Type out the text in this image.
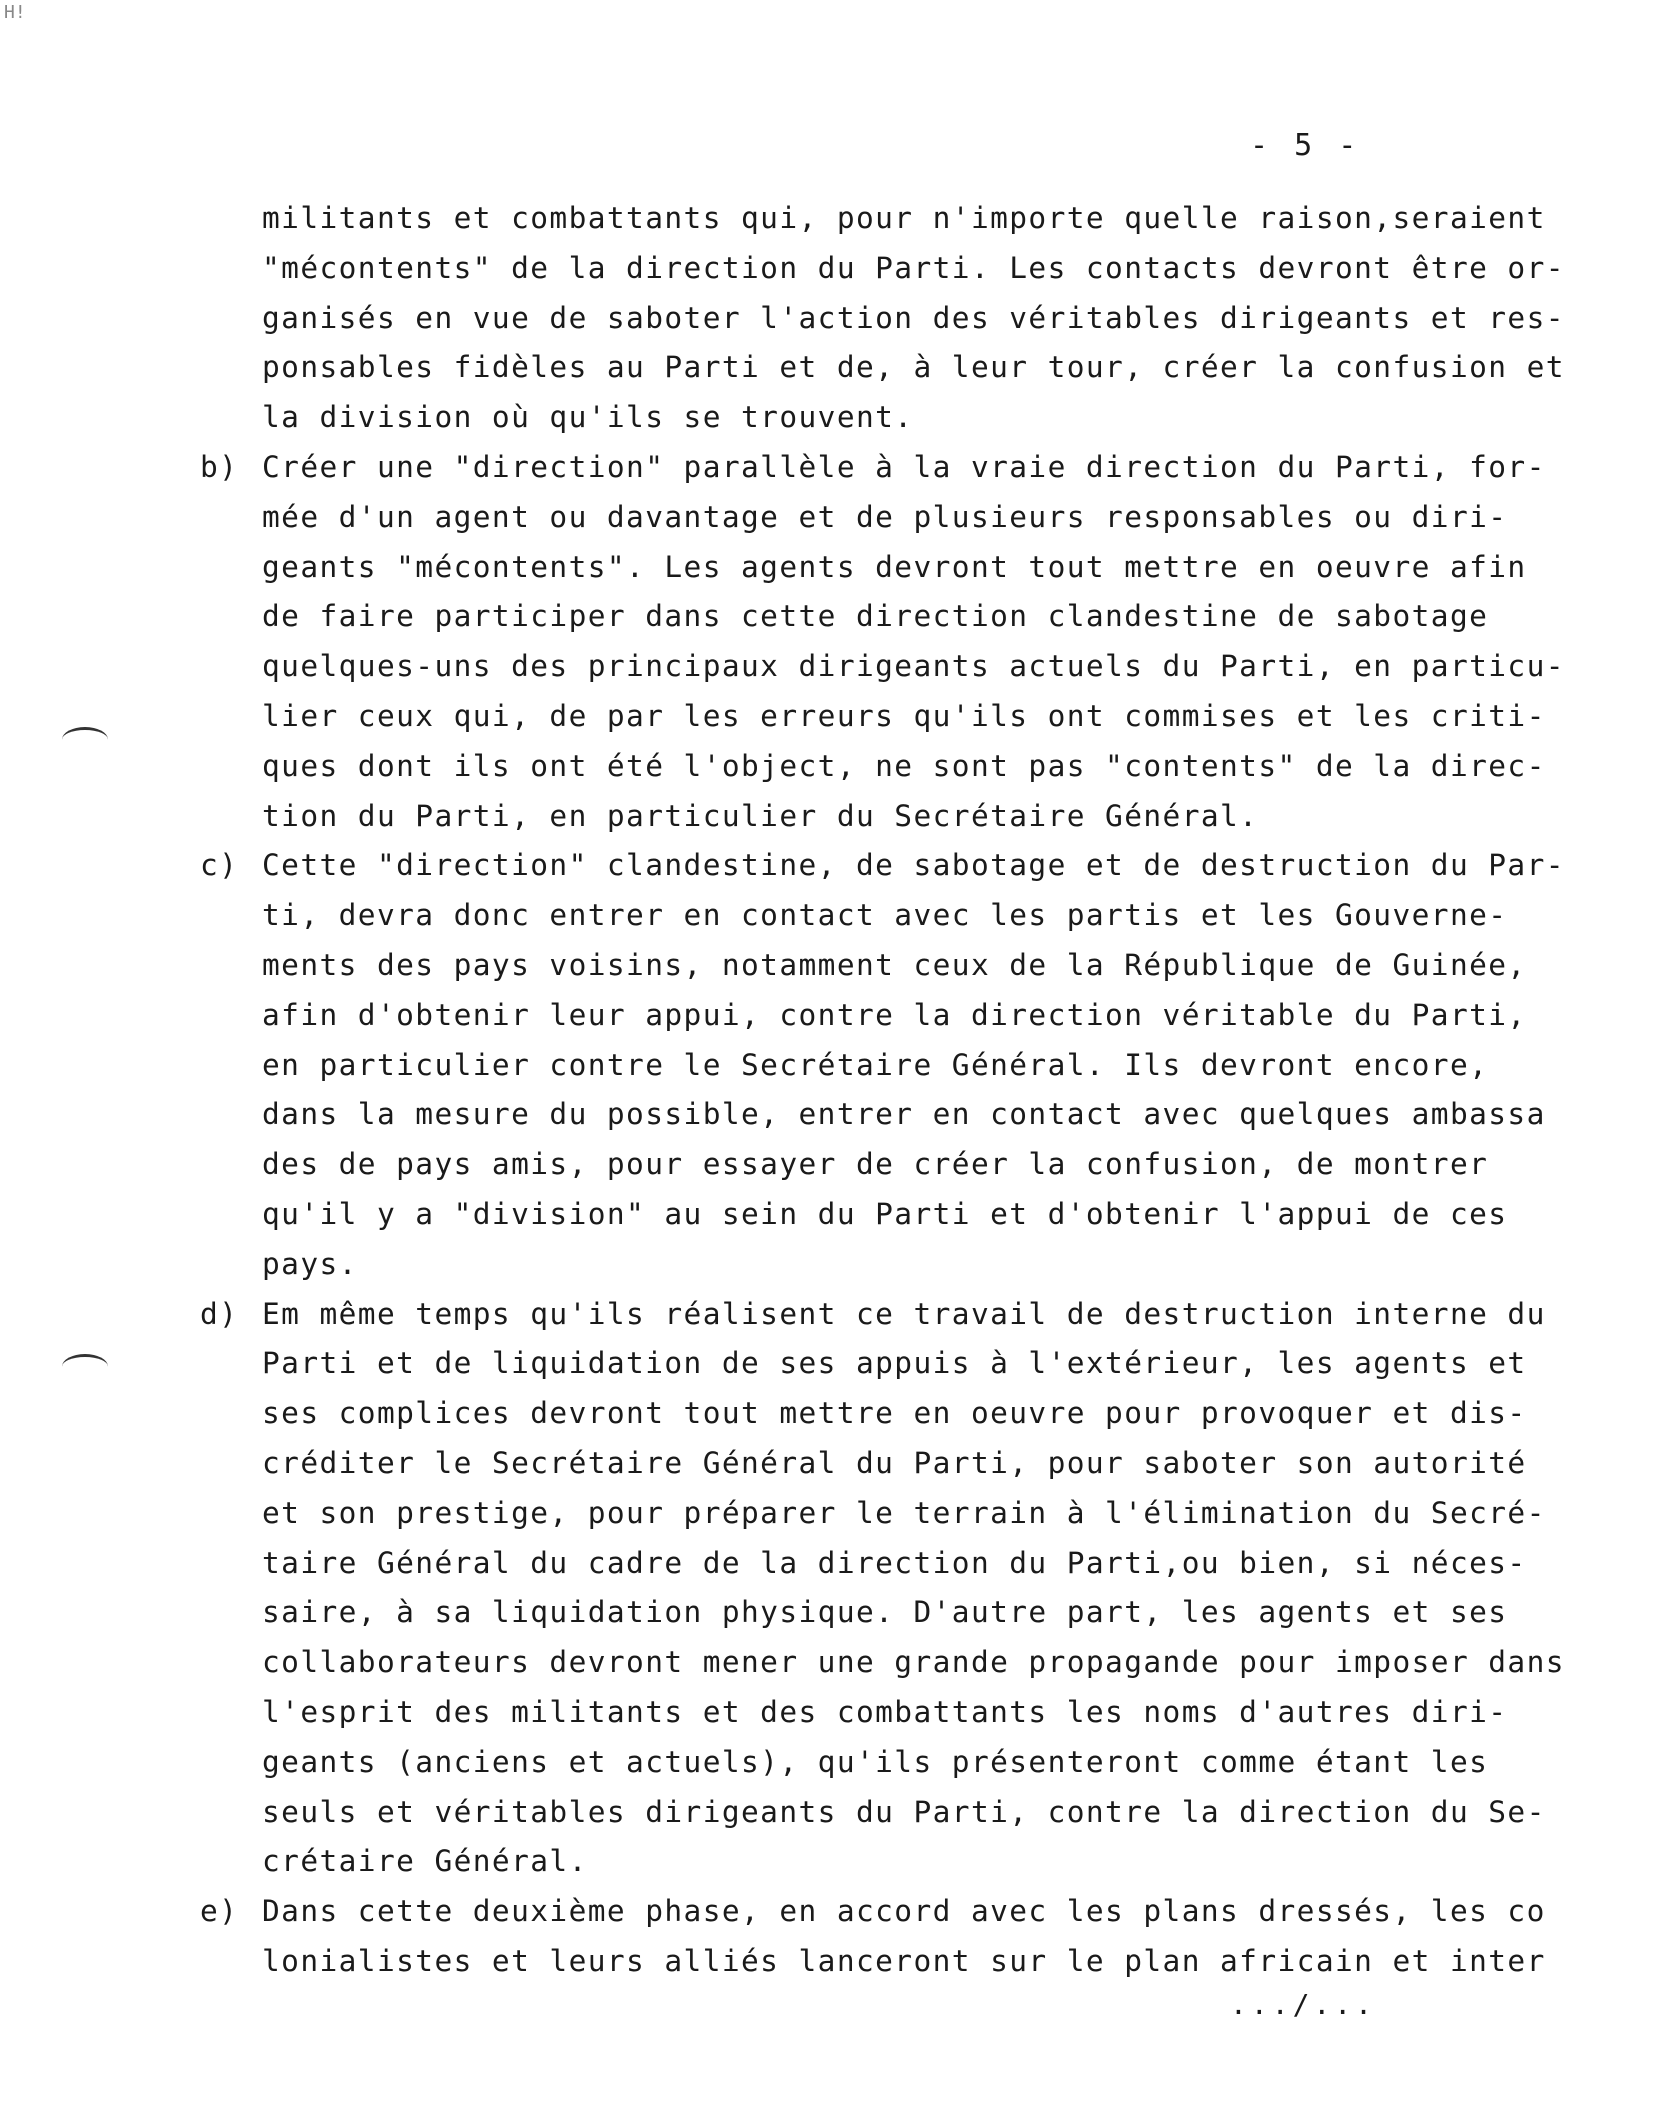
H!
- 5 -
militants et combattants qui, pour n'importe quelle raison,seraient
"mécontents" de la direction du Parti. Les contacts devront être or-
ganisés en vue de saboter l'action des véritables dirigeants et res-
ponsables fidèles au Parti et de, à leur tour, créer la confusion et
la division où qu'ils se trouvent.
b) Créer une "direction" parallèle à la vraie direction du Parti, for-
mée d'un agent ou davantage et de plusieurs responsables ou diri-
geants "mécontents". Les agents devront tout mettre en oeuvre afin
de faire participer dans cette direction clandestine de sabotage
quelques-uns des principaux dirigeants actuels du Parti, en particu-
lier ceux qui, de par les erreurs qu'ils ont commises et les criti-
ques dont ils ont été l'object, ne sont pas "contents" de la direc-
tion du Parti, en particulier du Secrétaire Général.
c) Cette "direction" clandestine, de sabotage et de destruction du Par-
ti, devra donc entrer en contact avec les partis et les Gouverne-
ments des pays voisins, notamment ceux de la République de Guinée,
afin d'obtenir leur appui, contre la direction véritable du Parti,
en particulier contre le Secrétaire Général. Ils devront encore,
dans la mesure du possible, entrer en contact avec quelques ambassa
des de pays amis, pour essayer de créer la confusion, de montrer
qu'il y a "division" au sein du Parti et d'obtenir l'appui de ces
pays.
d) Em même temps qu'ils réalisent ce travail de destruction interne du
Parti et de liquidation de ses appuis à l'extérieur, les agents et
ses complices devront tout mettre en oeuvre pour provoquer et dis-
créditer le Secrétaire Général du Parti, pour saboter son autorité
et son prestige, pour préparer le terrain à l'élimination du Secré-
taire Général du cadre de la direction du Parti,ou bien, si néces-
saire, à sa liquidation physique. D'autre part, les agents et ses
collaborateurs devront mener une grande propagande pour imposer dans
l'esprit des militants et des combattants les noms d'autres diri-
geants (anciens et actuels), qu'ils présenteront comme étant les
seuls et véritables dirigeants du Parti, contre la direction du Se-
crétaire Général.
e) Dans cette deuxième phase, en accord avec les plans dressés, les co
lonialistes et leurs alliés lanceront sur le plan africain et inter
.../...
